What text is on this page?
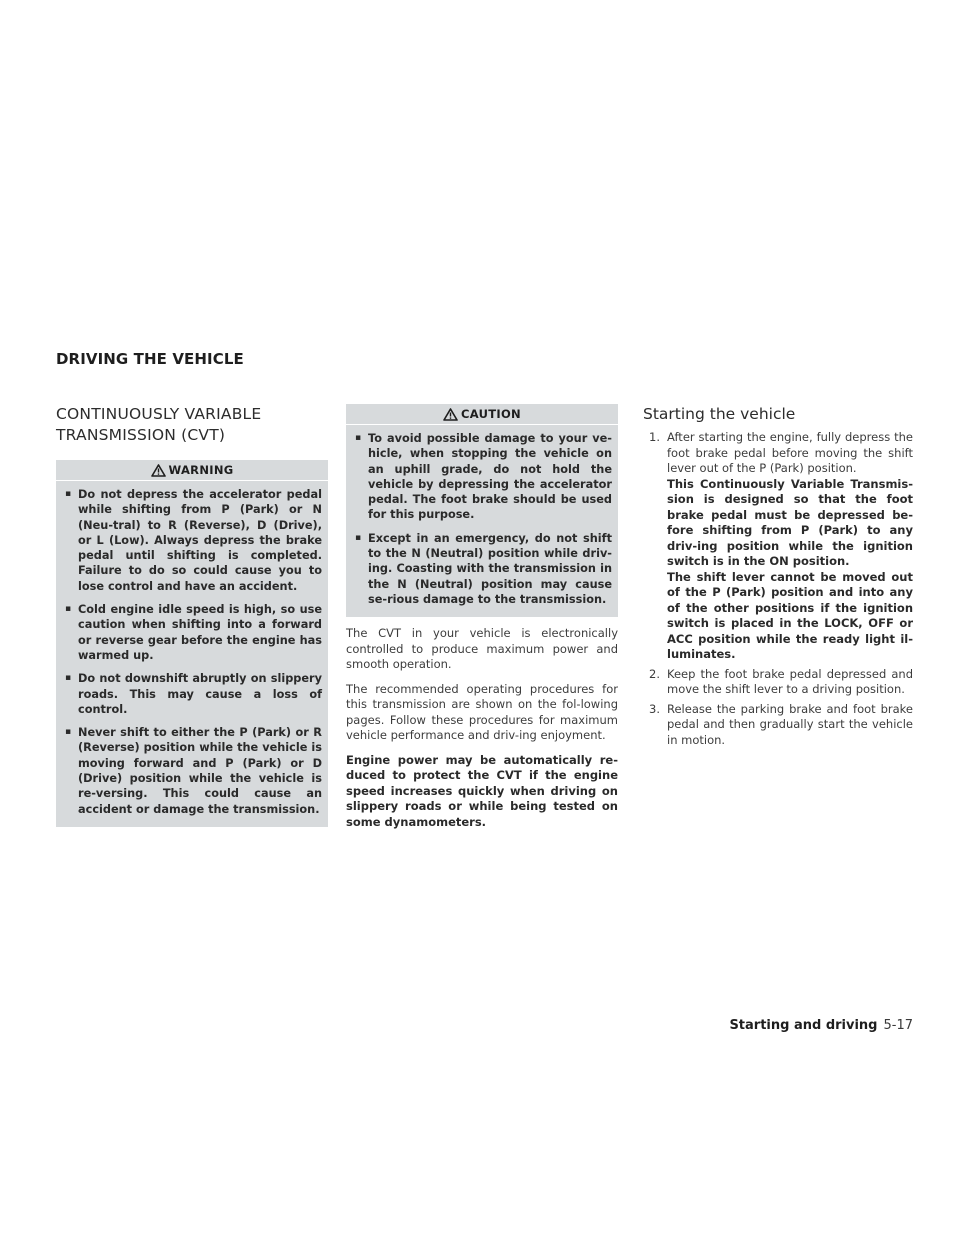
DRIVING THE VEHICLE
CONTINUOUSLY VARIABLE
TRANSMISSION (CVT)
WARNING
▪ Do not depress the accelerator pedal while shifting from P (Park) or N (Neu-tral) to R (Reverse), D (Drive), or L (Low). Always depress the brake pedal until shifting is completed. Failure to do so could cause you to lose control and have an accident.
▪ Cold engine idle speed is high, so use caution when shifting into a forward or reverse gear before the engine has warmed up.
▪ Do not downshift abruptly on slippery roads. This may cause a loss of control.
▪ Never shift to either the P (Park) or R (Reverse) position while the vehicle is moving forward and P (Park) or D (Drive) position while the vehicle is re-versing. This could cause an accident or damage the transmission.
CAUTION
▪ To avoid possible damage to your ve-hicle, when stopping the vehicle on an uphill grade, do not hold the vehicle by depressing the accelerator pedal. The foot brake should be used for this purpose.
▪ Except in an emergency, do not shift to the N (Neutral) position while driv-ing. Coasting with the transmission in the N (Neutral) position may cause se-rious damage to the transmission.

The CVT in your vehicle is electronically controlled to produce maximum power and smooth operation.

The recommended operating procedures for this transmission are shown on the fol-lowing pages. Follow these procedures for maximum vehicle performance and driv-ing enjoyment.

Engine power may be automatically re-duced to protect the CVT if the engine speed increases quickly when driving on slippery roads or while being tested on some dynamometers.

Starting the vehicle
1. After starting the engine, fully depress the foot brake pedal before moving the shift lever out of the P (Park) position.
This Continuously Variable Transmis-sion is designed so that the foot brake pedal must be depressed be-fore shifting from P (Park) to any driv-ing position while the ignition switch is in the ON position.
The shift lever cannot be moved out of the P (Park) position and into any of the other positions if the ignition switch is placed in the LOCK, OFF or ACC position while the ready light il-luminates.
2. Keep the foot brake pedal depressed and move the shift lever to a driving position.
3. Release the parking brake and foot brake pedal and then gradually start the vehicle in motion.
Starting and driving 5-17
